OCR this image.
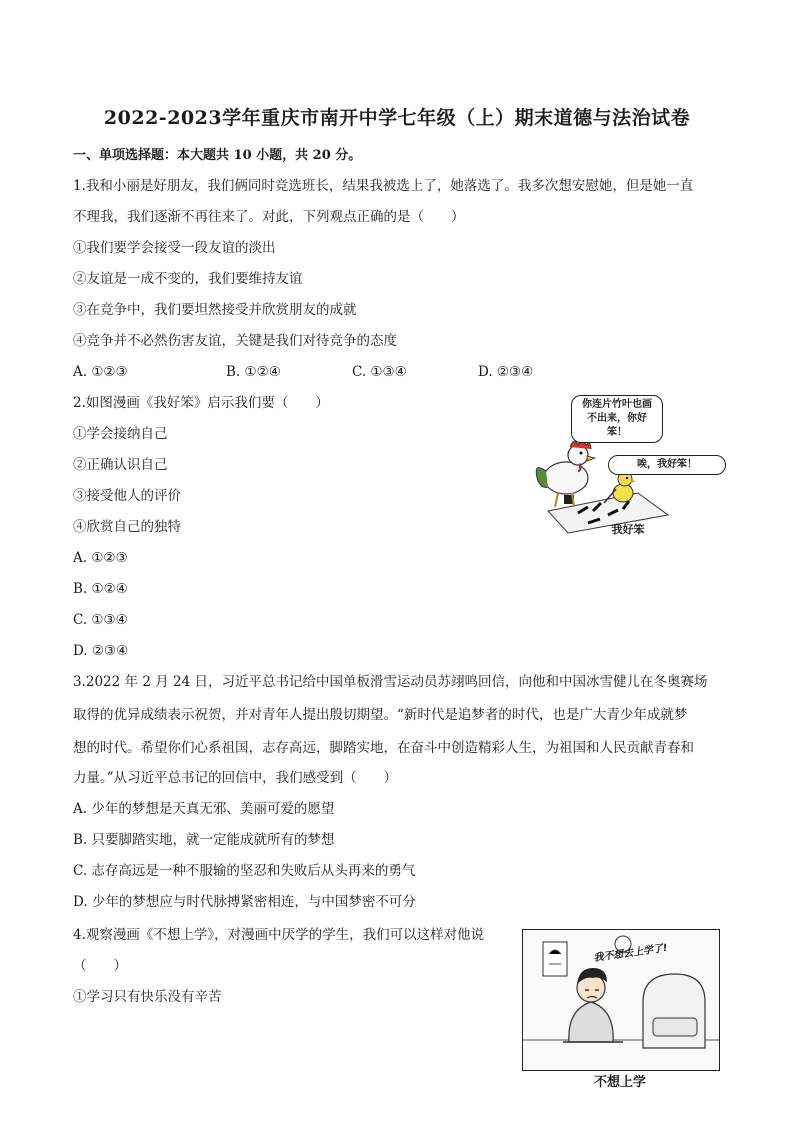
2022-2023学年重庆市南开中学七年级（上）期末道德与法治试卷
一、单项选择题：本大题共 10 小题，共 20 分。
1.我和小丽是好朋友，我们俩同时竞选班长，结果我被选上了，她落选了。我多次想安慰她，但是她一直
不理我，我们逐渐不再往来了。对此，下列观点正确的是（　　）
①我们要学会接受一段友谊的淡出
②友谊是一成不变的，我们要维持友谊
③在竞争中，我们要坦然接受并欣赏朋友的成就
④竞争并不必然伤害友谊，关键是我们对待竞争的态度
A. ①②③	B. ①②④	C. ①③④	D. ②③④
2.如图漫画《我好笨》启示我们要（　　）
①学会接纳自己
②正确认识自己
③接受他人的评价
④欣赏自己的独特
A. ①②③
B. ①②④
C. ①③④
D. ②③④
你连片竹叶也画不出来，你好笨！
唉，我好笨！
我好笨
3.2022 年 2 月 24 日，习近平总书记给中国单板滑雪运动员苏翊鸣回信，向他和中国冰雪健儿在冬奥赛场
取得的优异成绩表示祝贺，并对青年人提出殷切期望。“新时代是追梦者的时代，也是广大青少年成就梦
想的时代。希望你们心系祖国，志存高远，脚踏实地，在奋斗中创造精彩人生，为祖国和人民贡献青春和
力量。”从习近平总书记的回信中，我们感受到（　　）
A. 少年的梦想是天真无邪、美丽可爱的愿望
B. 只要脚踏实地，就一定能成就所有的梦想
C. 志存高远是一种不服输的坚忍和失败后从头再来的勇气
D. 少年的梦想应与时代脉搏紧密相连，与中国梦密不可分
4.观察漫画《不想上学》，对漫画中厌学的学生，我们可以这样对他说
（　　）
①学习只有快乐没有辛苦
我不想去上学了!
不想上学
